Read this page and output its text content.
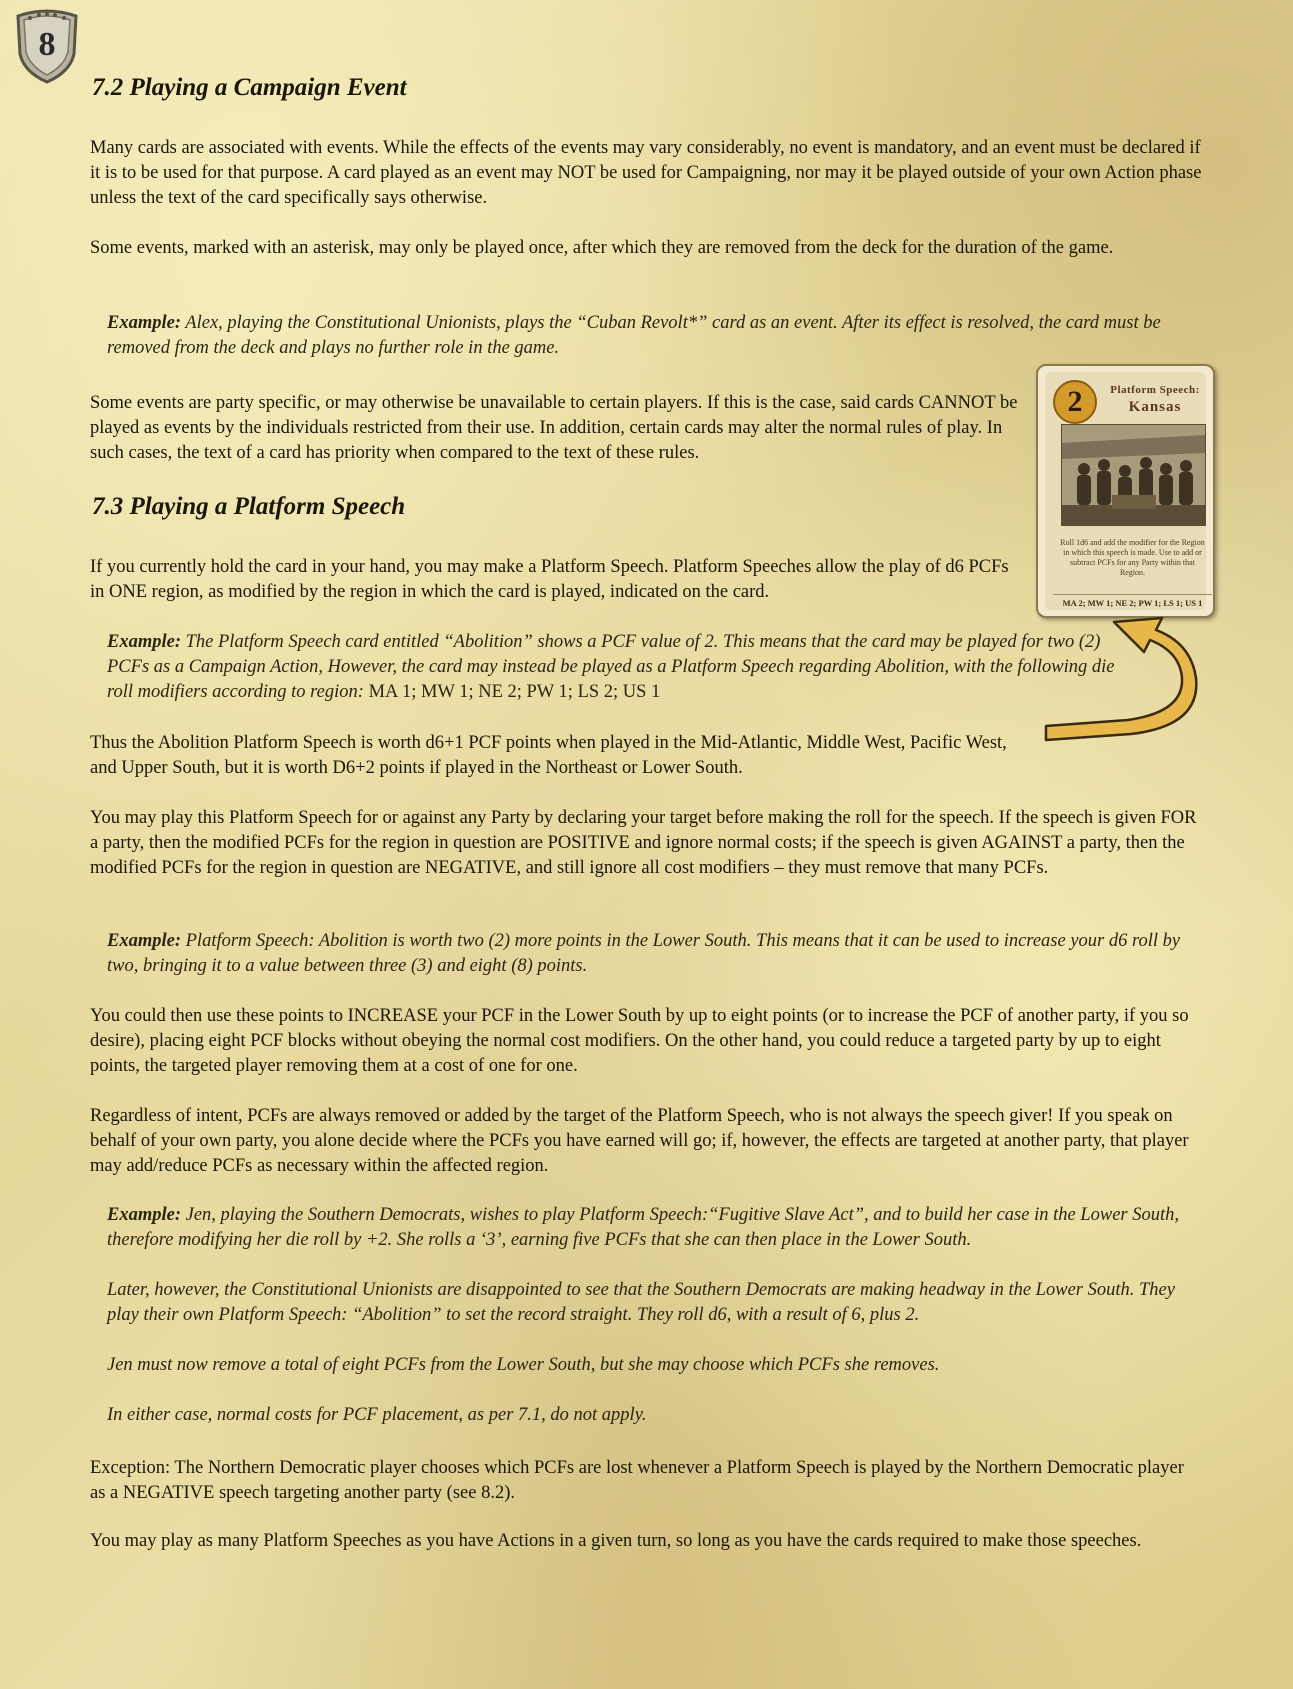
8
7.2 Playing a Campaign Event

Many cards are associated with events. While the effects of the events may vary considerably, no event is mandatory, and an event must be declared if it is to be used for that purpose. A card played as an event may NOT be used for Campaigning, nor may it be played outside of your own Action phase unless the text of the card specifically says otherwise.

Some events, marked with an asterisk, may only be played once, after which they are removed from the deck for the duration of the game.

Example: Alex, playing the Constitutional Unionists, plays the “Cuban Revolt*” card as an event. After its effect is resolved, the card must be removed from the deck and plays no further role in the game.

Some events are party specific, or may otherwise be unavailable to certain players. If this is the case, said cards CANNOT be played as events by the individuals restricted from their use. In addition, certain cards may alter the normal rules of play. In such cases, the text of a card has priority when compared to the text of these rules.

7.3 Playing a Platform Speech

If you currently hold the card in your hand, you may make a Platform Speech. Platform Speeches allow the play of d6 PCFs in ONE region, as modified by the region in which the card is played, indicated on the card.

Example: The Platform Speech card entitled “Abolition” shows a PCF value of 2. This means that the card may be played for two (2) PCFs as a Campaign Action, However, the card may instead be played as a Platform Speech regarding Abolition, with the following die roll modifiers according to region: MA 1; MW 1; NE 2; PW 1; LS 2; US 1

Thus the Abolition Platform Speech is worth d6+1 PCF points when played in the Mid-Atlantic, Middle West, Pacific West, and Upper South, but it is worth D6+2 points if played in the Northeast or Lower South.

You may play this Platform Speech for or against any Party by declaring your target before making the roll for the speech. If the speech is given FOR a party, then the modified PCFs for the region in question are POSITIVE and ignore normal costs; if the speech is given AGAINST a party, then the modified PCFs for the region in question are NEGATIVE, and still ignore all cost modifiers – they must remove that many PCFs.

Example: Platform Speech: Abolition is worth two (2) more points in the Lower South. This means that it can be used to increase your d6 roll by two, bringing it to a value between three (3) and eight (8) points.

You could then use these points to INCREASE your PCF in the Lower South by up to eight points (or to increase the PCF of another party, if you so desire), placing eight PCF blocks without obeying the normal cost modifiers. On the other hand, you could reduce a targeted party by up to eight points, the targeted player removing them at a cost of one for one.

Regardless of intent, PCFs are always removed or added by the target of the Platform Speech, who is not always the speech giver! If you speak on behalf of your own party, you alone decide where the PCFs you have earned will go; if, however, the effects are targeted at another party, that player may add/reduce PCFs as necessary within the affected region.

Example: Jen, playing the Southern Democrats, wishes to play Platform Speech:“Fugitive Slave Act”, and to build her case in the Lower South, therefore modifying her die roll by +2. She rolls a ‘3’, earning five PCFs that she can then place in the Lower South.

Later, however, the Constitutional Unionists are disappointed to see that the Southern Democrats are making headway in the Lower South. They play their own Platform Speech: “Abolition” to set the record straight. They roll d6, with a result of 6, plus 2.

Jen must now remove a total of eight PCFs from the Lower South, but she may choose which PCFs she removes.

In either case, normal costs for PCF placement, as per 7.1, do not apply.

Exception: The Northern Democratic player chooses which PCFs are lost whenever a Platform Speech is played by the Northern Democratic player as a NEGATIVE speech targeting another party (see 8.2).

You may play as many Platform Speeches as you have Actions in a given turn, so long as you have the cards required to make those speeches.

2	Platform Speech:
Kansas
Roll 1d6 and add the modifier for the Region in which this speech is made. Use to add or subtract PCFs for any Party within that Region.
MA 2; MW 1; NE 2; PW 1; LS 1; US 1
